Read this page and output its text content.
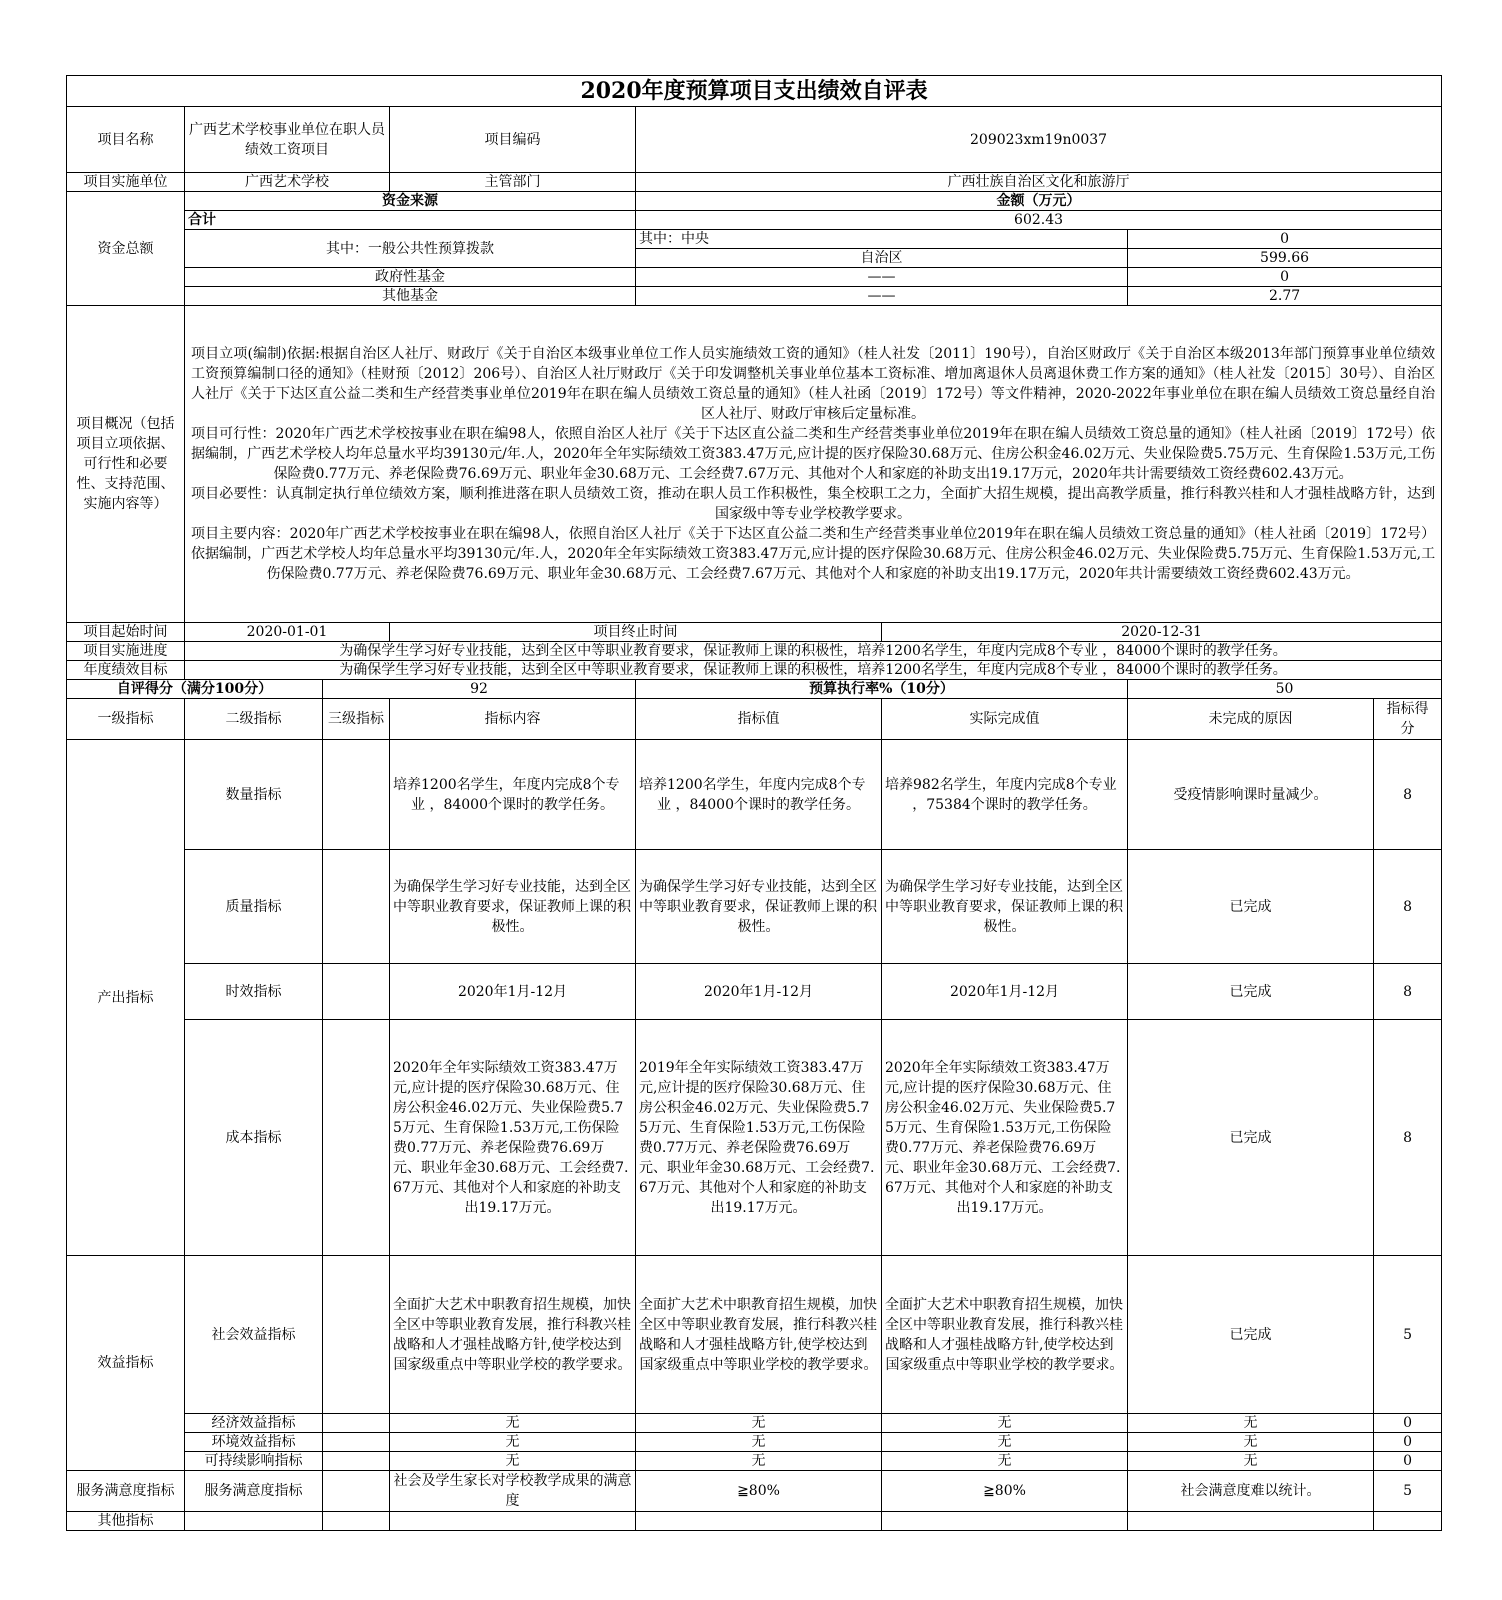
2020年度预算项目支出绩效自评表							
项目名称	广西艺术学校事业单位在职人员绩效工资项目		项目编码	209023xm19n0037			
项目实施单位	广西艺术学校		主管部门	广西壮族自治区文化和旅游厅			
资金总额	资金来源			金额（万元）			
	合计			602.43			
	其中：一般公共性预算拨款			其中：中央		0	
				自治区		599.66	
	政府性基金			——		0	
	其他基金			——		2.77	

项目概况（包括项目立项依据、可行性和必要性、支持范围、实施内容等）	项目立项(编制)依据:根据自治区人社厅、财政厅《关于自治区本级事业单位工作人员实施绩效工资的通知》（桂人社发〔2011〕190号），自治区财政厅《关于自治区本级2013年部门预算事业单位绩效工资预算编制口径的通知》（桂财预〔2012〕206号）、自治区人社厅财政厅《关于印发调整机关事业单位基本工资标准、增加离退休人员离退休费工作方案的通知》（桂人社发〔2015〕30号）、自治区人社厅《关于下达区直公益二类和生产经营类事业单位2019年在职在编人员绩效工资总量的通知》（桂人社函〔2019〕172号）等文件精神，2020-2022年事业单位在职在编人员绩效工资总量经自治区人社厅、财政厅审核后定量标准。
项目可行性：2020年广西艺术学校按事业在职在编98人，依照自治区人社厅《关于下达区直公益二类和生产经营类事业单位2019年在职在编人员绩效工资总量的通知》（桂人社函〔2019〕172号）依据编制，广西艺术学校人均年总量水平均39130元/年.人，2020年全年实际绩效工资383.47万元,应计提的医疗保险30.68万元、住房公积金46.02万元、失业保险费5.75万元、生育保险1.53万元,工伤保险费0.77万元、养老保险费76.69万元、职业年金30.68万元、工会经费7.67万元、其他对个人和家庭的补助支出19.17万元，2020年共计需要绩效工资经费602.43万元。
项目必要性：认真制定执行单位绩效方案，顺利推进落在职人员绩效工资，推动在职人员工作积极性，集全校职工之力，全面扩大招生规模，提出高教学质量，推行科教兴桂和人才强桂战略方针，达到国家级中等专业学校教学要求。
项目主要内容：2020年广西艺术学校按事业在职在编98人，依照自治区人社厅《关于下达区直公益二类和生产经营类事业单位2019年在职在编人员绩效工资总量的通知》（桂人社函〔2019〕172号）依据编制，广西艺术学校人均年总量水平均39130元/年.人，2020年全年实际绩效工资383.47万元,应计提的医疗保险30.68万元、住房公积金46.02万元、失业保险费5.75万元、生育保险1.53万元,工伤保险费0.77万元、养老保险费76.69万元、职业年金30.68万元、工会经费7.67万元、其他对个人和家庭的补助支出19.17万元，2020年共计需要绩效工资经费602.43万元。						

项目起始时间	2020-01-01		项目终止时间		2020-12-31		
项目实施进度	为确保学生学习好专业技能，达到全区中等职业教育要求，保证教师上课的积极性，培养1200名学生，年度内完成8个专业 ，84000个课时的教学任务。						
年度绩效目标	为确保学生学习好专业技能，达到全区中等职业教育要求，保证教师上课的积极性，培养1200名学生，年度内完成8个专业 ，84000个课时的教学任务。						
自评得分（满分100分）		92		预算执行率%（10分）		50	
一级指标	二级指标	三级指标	指标内容	指标值	实际完成值	未完成的原因	指标得分

产出指标	数量指标		培养1200名学生，年度内完成8个专业 ，84000个课时的教学任务。	培养1200名学生，年度内完成8个专业 ，84000个课时的教学任务。	培养982名学生，年度内完成8个专业 ，75384个课时的教学任务。	受疫情影响课时量减少。	8
	质量指标		为确保学生学习好专业技能，达到全区中等职业教育要求，保证教师上课的积极性。	为确保学生学习好专业技能，达到全区中等职业教育要求，保证教师上课的积极性。	为确保学生学习好专业技能，达到全区中等职业教育要求，保证教师上课的积极性。	已完成	8
	时效指标		2020年1月-12月	2020年1月-12月	2020年1月-12月	已完成	8
	成本指标		2020年全年实际绩效工资383.47万元,应计提的医疗保险30.68万元、住房公积金46.02万元、失业保险费5.75万元、生育保险1.53万元,工伤保险费0.77万元、养老保险费76.69万元、职业年金30.68万元、工会经费7.67万元、其他对个人和家庭的补助支出19.17万元。	2019年全年实际绩效工资383.47万元,应计提的医疗保险30.68万元、住房公积金46.02万元、失业保险费5.75万元、生育保险1.53万元,工伤保险费0.77万元、养老保险费76.69万元、职业年金30.68万元、工会经费7.67万元、其他对个人和家庭的补助支出19.17万元。	2020年全年实际绩效工资383.47万元,应计提的医疗保险30.68万元、住房公积金46.02万元、失业保险费5.75万元、生育保险1.53万元,工伤保险费0.77万元、养老保险费76.69万元、职业年金30.68万元、工会经费7.67万元、其他对个人和家庭的补助支出19.17万元。	已完成	8
效益指标	社会效益指标		全面扩大艺术中职教育招生规模，加快全区中等职业教育发展，推行科教兴桂战略和人才强桂战略方针,使学校达到国家级重点中等职业学校的教学要求。	全面扩大艺术中职教育招生规模，加快全区中等职业教育发展，推行科教兴桂战略和人才强桂战略方针,使学校达到国家级重点中等职业学校的教学要求。	全面扩大艺术中职教育招生规模，加快全区中等职业教育发展，推行科教兴桂战略和人才强桂战略方针,使学校达到国家级重点中等职业学校的教学要求。	已完成	5
	经济效益指标		无	无	无	无	0
	环境效益指标		无	无	无	无	0
	可持续影响指标		无	无	无	无	0
服务满意度指标	服务满意度指标		社会及学生家长对学校教学成果的满意度	≧80%	≧80%	社会满意度难以统计。	5
其他指标							
